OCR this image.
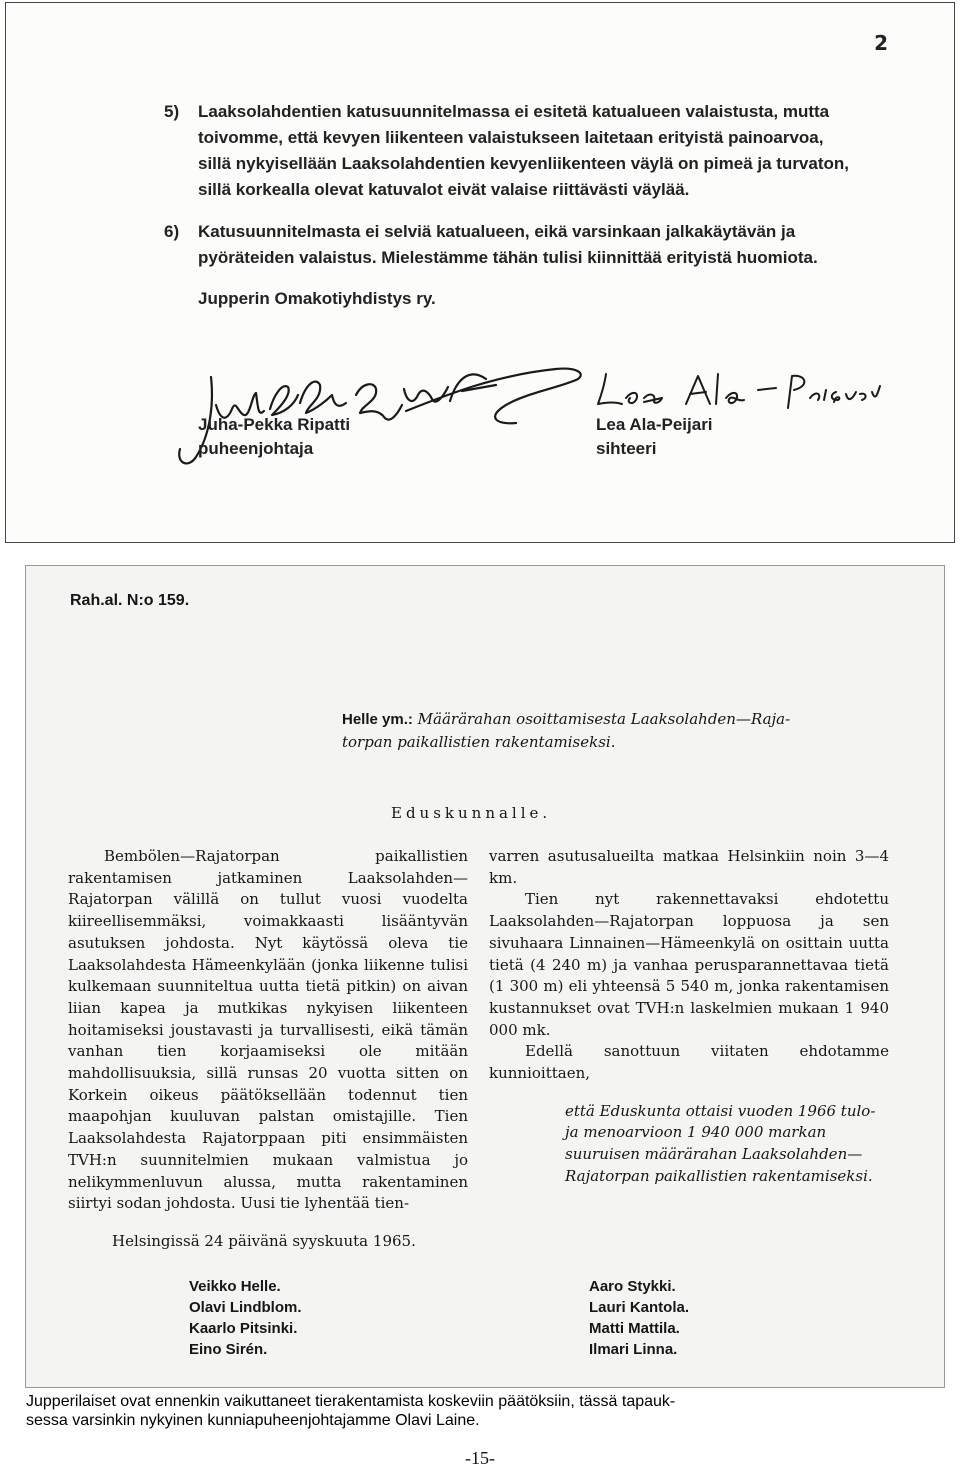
2
5) Laaksolahdentien katusuunnitelmassa ei esitetä katualueen valaistusta, mutta
toivomme, että kevyen liikenteen valaistukseen laitetaan erityistä painoarvoa,
sillä nykyisellään Laaksolahdentien kevyenliikenteen väylä on pimeä ja turvaton,
sillä korkealla olevat katuvalot eivät valaise riittävästi väylää.
6) Katusuunnitelmasta ei selviä katualueen, eikä varsinkaan jalkakäytävän ja
pyöräteiden valaistus. Mielestämme tähän tulisi kiinnittää erityistä huomiota.
Jupperin Omakotiyhdistys ry.
Juha-Pekka Ripatti
puheenjohtaja
Lea Ala-Peijari
sihteeri
Rah.al. N:o 159.
Helle ym.: Määrärahan osoittamisesta Laaksolahden—Raja-
torpan paikallistien rakentamiseksi.
Eduskunnalle.

Bembölen—Rajatorpan paikallistien rakentamisen jatkaminen Laaksolahden—Rajatorpan välillä on tullut vuosi vuodelta kiireellisemmäksi, voimakkaasti lisääntyvän asutuksen johdosta. Nyt käytössä oleva tie Laaksolahdesta Hämeenkylään (jonka liikenne tulisi kulkemaan suunniteltua uutta tietä pitkin) on aivan liian kapea ja mutkikas nykyisen liikenteen hoitamiseksi joustavasti ja turvallisesti, eikä tämän vanhan tien korjaamiseksi ole mitään mahdollisuuksia, sillä runsas 20 vuotta sitten on Korkein oikeus päätöksellään todennut tien maapohjan kuuluvan palstan omistajille. Tien Laaksolahdesta Rajatorppaan piti ensimmäisten TVH:n suunnitelmien mukaan valmistua jo nelikymmenluvun alussa, mutta rakentaminen siirtyi sodan johdosta. Uusi tie lyhentää tien-

varren asutusalueilta matkaa Helsinkiin noin 3—4 km.

Tien nyt rakennettavaksi ehdotettu Laaksolahden—Rajatorpan loppuosa ja sen sivuhaara Linnainen—Hämeenkylä on osittain uutta tietä (4 240 m) ja vanhaa perusparannettavaa tietä (1 300 m) eli yhteensä 5 540 m, jonka rakentamisen kustannukset ovat TVH:n laskelmien mukaan 1 940 000 mk.

Edellä sanottuun viitaten ehdotamme kunnioittaen,

että Eduskunta ottaisi vuoden 1966 tulo- ja menoarvioon 1 940 000 markan suuruisen määrärahan Laaksolahden—Rajatorpan paikallistien rakentamiseksi.
Helsingissä 24 päivänä syyskuuta 1965.
Veikko Helle.
Olavi Lindblom.
Kaarlo Pitsinki.
Eino Sirén.
Aaro Stykki.
Lauri Kantola.
Matti Mattila.
Ilmari Linna.
Jupperilaiset ovat ennenkin vaikuttaneet tierakentamista koskeviin päätöksiin, tässä tapauk-
sessa varsinkin nykyinen kunniapuheenjohtajamme Olavi Laine.
-15-
